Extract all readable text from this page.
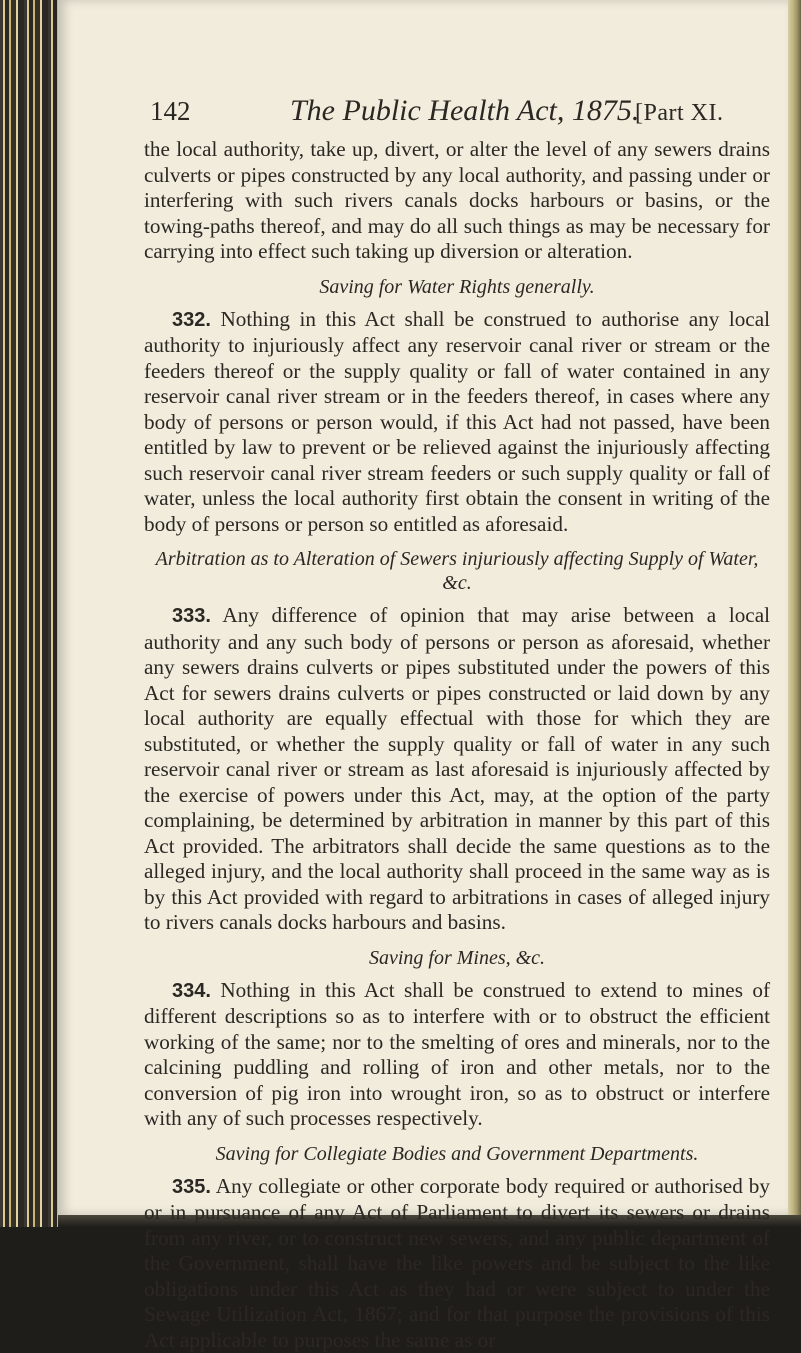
142	The Public Health Act, 1875.
[Part XI.

the local authority, take up, divert, or alter the level of any sewers drains culverts or pipes constructed by any local authority, and passing under or interfering with such rivers canals docks harbours or basins, or the towing-paths thereof, and may do all such things as may be necessary for carrying into effect such taking up diversion or alteration.

Saving for Water Rights generally.

332. Nothing in this Act shall be construed to authorise any local authority to injuriously affect any reservoir canal river or stream or the feeders thereof or the supply quality or fall of water contained in any reservoir canal river stream or in the feeders thereof, in cases where any body of persons or person would, if this Act had not passed, have been entitled by law to prevent or be relieved against the injuriously affecting such reservoir canal river stream feeders or such supply quality or fall of water, unless the local authority first obtain the consent in writing of the body of persons or person so entitled as aforesaid.

Arbitration as to Alteration of Sewers injuriously affecting Supply of Water, &c.

333. Any difference of opinion that may arise between a local authority and any such body of persons or person as aforesaid, whether any sewers drains culverts or pipes substituted under the powers of this Act for sewers drains culverts or pipes constructed or laid down by any local authority are equally effectual with those for which they are substituted, or whether the supply quality or fall of water in any such reservoir canal river or stream as last aforesaid is injuriously affected by the exercise of powers under this Act, may, at the option of the party complaining, be determined by arbitration in manner by this part of this Act provided. The arbitrators shall decide the same questions as to the alleged injury, and the local authority shall proceed in the same way as is by this Act provided with regard to arbitrations in cases of alleged injury to rivers canals docks harbours and basins.

Saving for Mines, &c.

334. Nothing in this Act shall be construed to extend to mines of different descriptions so as to interfere with or to obstruct the efficient working of the same; nor to the smelting of ores and minerals, nor to the calcining puddling and rolling of iron and other metals, nor to the conversion of pig iron into wrought iron, so as to obstruct or interfere with any of such processes respectively.

Saving for Collegiate Bodies and Government Departments.

335. Any collegiate or other corporate body required or authorised by or in pursuance of any Act of Parliament to divert its sewers or drains from any river, or to construct new sewers, and any public department of the Government, shall have the like powers and be subject to the like obligations under this Act as they had or were subject to under the Sewage Utilization Act, 1867; and for that purpose the provisions of this Act applicable to purposes the same as or
